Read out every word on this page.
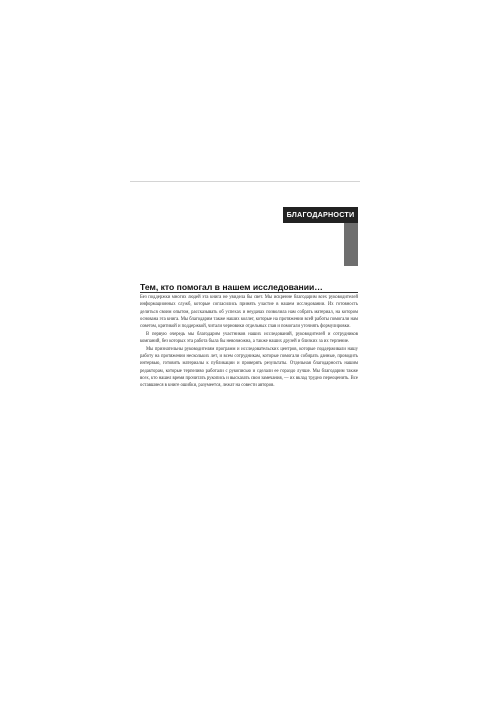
БЛАГОДАРНОСТИ
Тем, кто помогал в нашем исследовании…

Без поддержки многих людей эта книга не увидела бы свет. Мы искренне благодарим всех руководителей информационных служб, которые согласились принять участие в нашем исследовании. Их готовность делиться своим опытом, рассказывать об успехах и неудачах позволила нам собрать материал, на котором основана эта книга. Мы благодарим также наших коллег, которые на протяжении всей работы помогали нам советом, критикой и поддержкой, читали черновики отдельных глав и помогали уточнять формулировки.

В первую очередь мы благодарим участников наших исследований, руководителей и сотрудников компаний, без которых эта работа была бы невозможна, а также наших друзей и близких за их терпение.

Мы признательны руководителям программ и исследовательских центров, которые поддерживали нашу работу на протяжении нескольких лет, и всем сотрудникам, которые помогали собирать данные, проводить интервью, готовить материалы к публикации и проверять результаты. Отдельная благодарность нашим редакторам, которые терпеливо работали с рукописью и сделали ее гораздо лучше. Мы благодарим также всех, кто нашел время прочитать рукопись и высказать свои замечания, — их вклад трудно переоценить. Все оставшиеся в книге ошибки, разумеется, лежат на совести авторов.
